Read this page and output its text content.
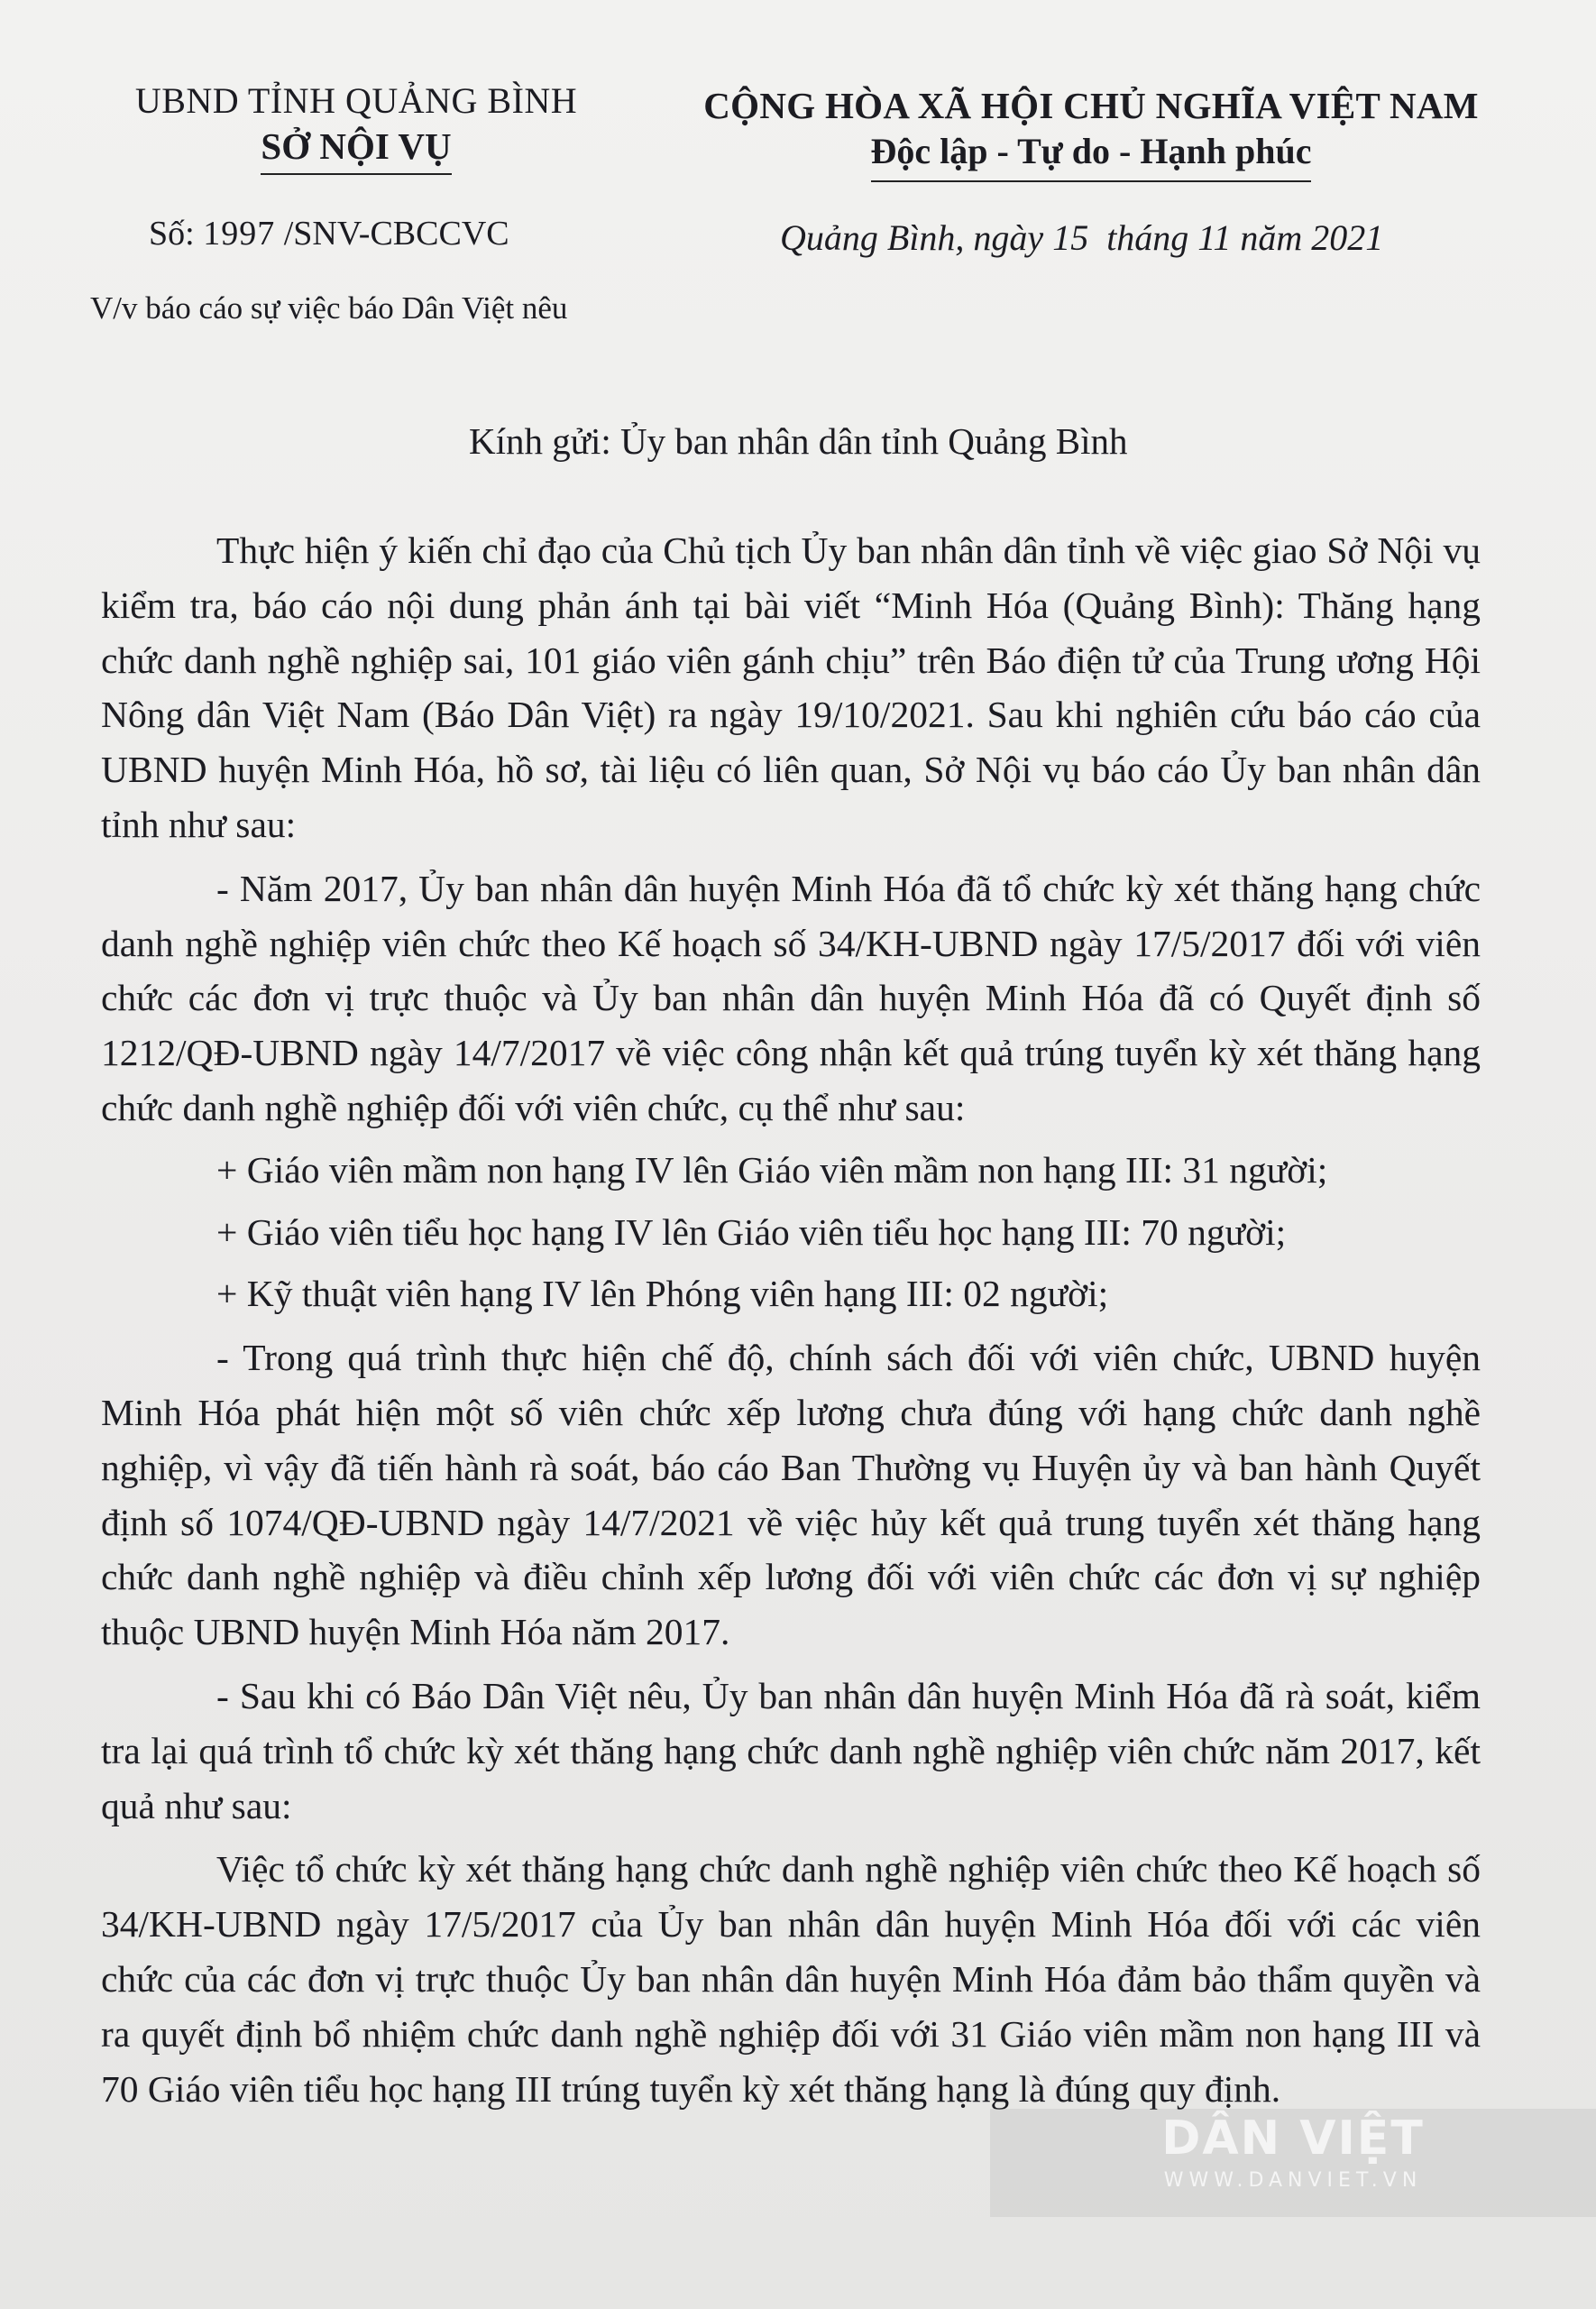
UBND TỈNH QUẢNG BÌNH
SỞ NỘI VỤ
CỘNG HÒA XÃ HỘI CHỦ NGHĨA VIỆT NAM
Độc lập - Tự do - Hạnh phúc
Số: 1997 /SNV-CBCCVC	Quảng Bình, ngày 15  tháng 11 năm 2021
V/v báo cáo sự việc báo Dân Việt nêu
Kính gửi: Ủy ban nhân dân tỉnh Quảng Bình

Thực hiện ý kiến chỉ đạo của Chủ tịch Ủy ban nhân dân tỉnh về việc giao Sở Nội vụ kiểm tra, báo cáo nội dung phản ánh tại bài viết “Minh Hóa (Quảng Bình): Thăng hạng chức danh nghề nghiệp sai, 101 giáo viên gánh chịu” trên Báo điện tử của Trung ương Hội Nông dân Việt Nam (Báo Dân Việt) ra ngày 19/10/2021. Sau khi nghiên cứu báo cáo của UBND huyện Minh Hóa, hồ sơ, tài liệu có liên quan, Sở Nội vụ báo cáo Ủy ban nhân dân tỉnh như sau:

- Năm 2017, Ủy ban nhân dân huyện Minh Hóa đã tổ chức kỳ xét thăng hạng chức danh nghề nghiệp viên chức theo Kế hoạch số 34/KH-UBND ngày 17/5/2017 đối với viên chức các đơn vị trực thuộc và Ủy ban nhân dân huyện Minh Hóa đã có Quyết định số 1212/QĐ-UBND ngày 14/7/2017 về việc công nhận kết quả trúng tuyển kỳ xét thăng hạng chức danh nghề nghiệp đối với viên chức, cụ thể như sau:

+ Giáo viên mầm non hạng IV lên Giáo viên mầm non hạng III: 31 người;

+ Giáo viên tiểu học hạng IV lên Giáo viên tiểu học hạng III: 70 người;

+ Kỹ thuật viên hạng IV lên Phóng viên hạng III: 02 người;

- Trong quá trình thực hiện chế độ, chính sách đối với viên chức, UBND huyện Minh Hóa phát hiện một số viên chức xếp lương chưa đúng với hạng chức danh nghề nghiệp, vì vậy đã tiến hành rà soát, báo cáo Ban Thường vụ Huyện ủy và ban hành Quyết định số 1074/QĐ-UBND ngày 14/7/2021 về việc hủy kết quả trung tuyển xét thăng hạng chức danh nghề nghiệp và điều chỉnh xếp lương đối với viên chức các đơn vị sự nghiệp thuộc UBND huyện Minh Hóa năm 2017.

- Sau khi có Báo Dân Việt nêu, Ủy ban nhân dân huyện Minh Hóa đã rà soát, kiểm tra lại quá trình tổ chức kỳ xét thăng hạng chức danh nghề nghiệp viên chức năm 2017, kết quả như sau:

Việc tổ chức kỳ xét thăng hạng chức danh nghề nghiệp viên chức theo Kế hoạch số 34/KH-UBND ngày 17/5/2017 của Ủy ban nhân dân huyện Minh Hóa đối với các viên chức của các đơn vị trực thuộc Ủy ban nhân dân huyện Minh Hóa đảm bảo thẩm quyền và ra quyết định bổ nhiệm chức danh nghề nghiệp đối với 31 Giáo viên mầm non hạng III và 70 Giáo viên tiểu học hạng III trúng tuyển kỳ xét thăng hạng là đúng quy định.

DÂN VIỆT
WWW.DANVIET.VN
